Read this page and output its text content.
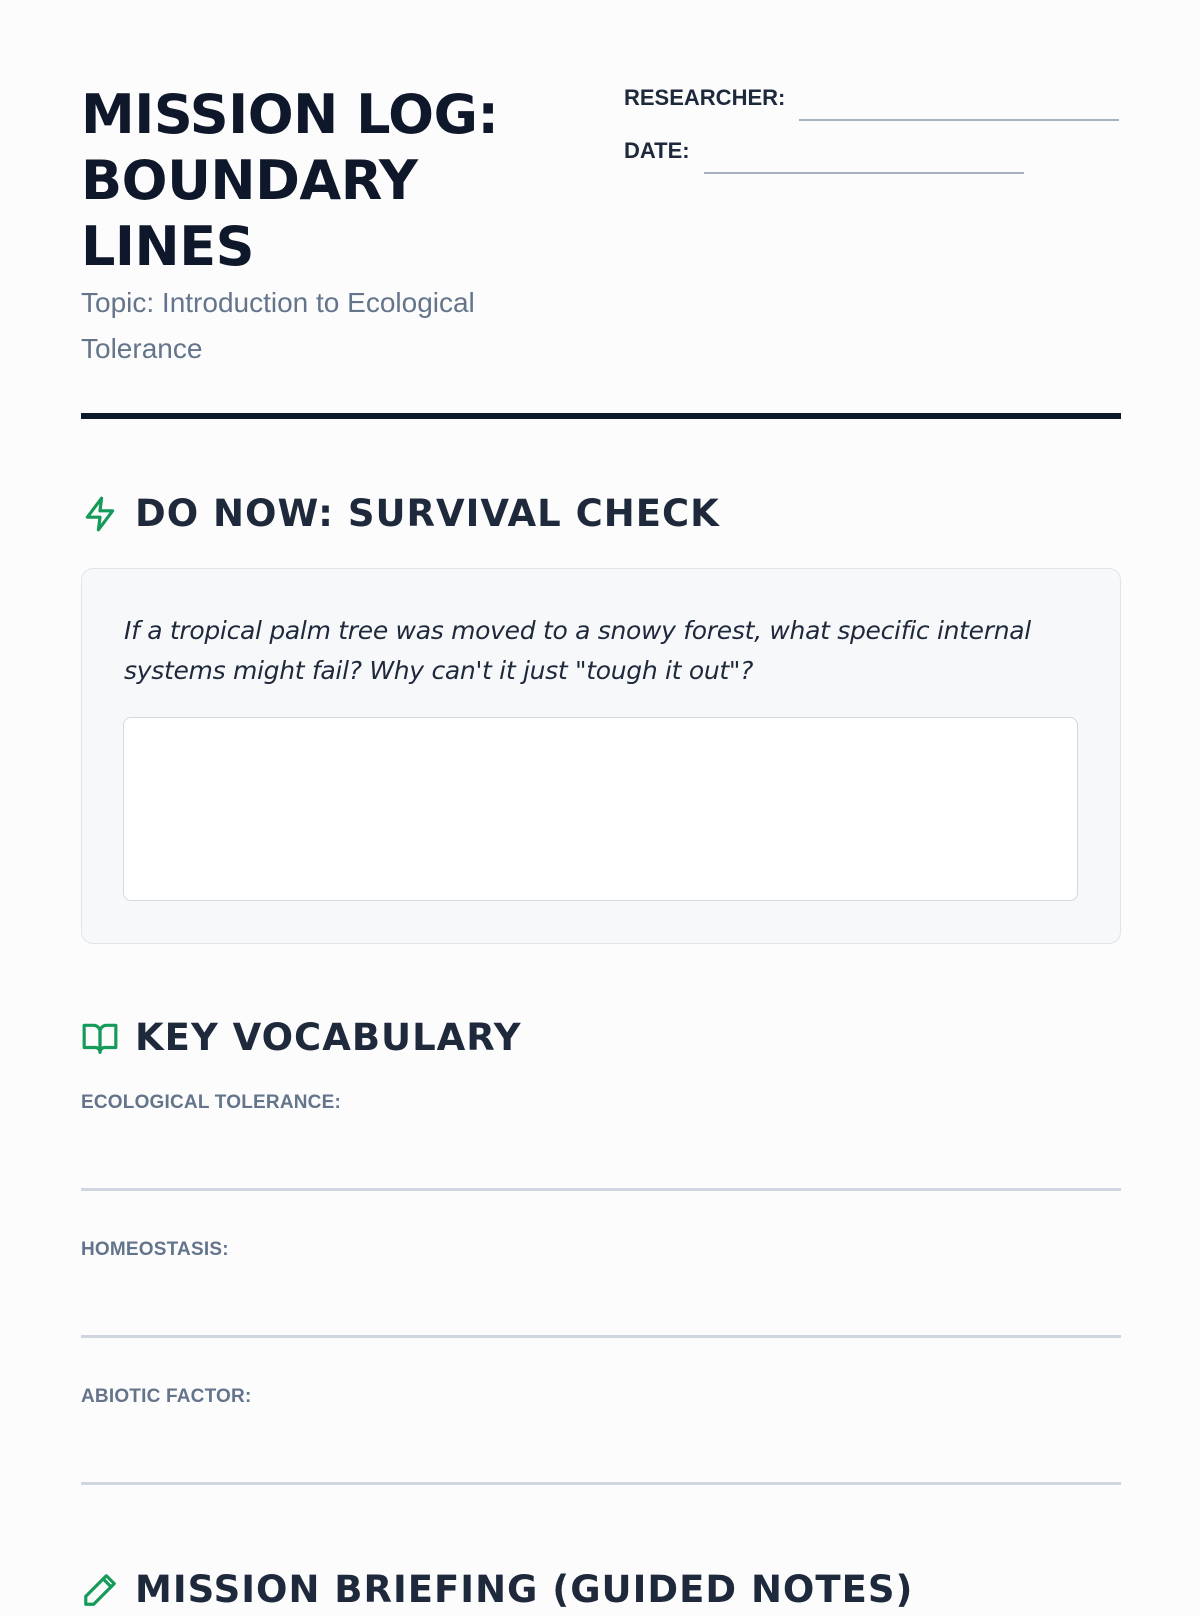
MISSION LOG:
BOUNDARY
LINES
Topic: Introduction to Ecological Tolerance
RESEARCHER:
DATE:
DO NOW: SURVIVAL CHECK
If a tropical palm tree was moved to a snowy forest, what specific internal systems might fail? Why can't it just "tough it out"?
KEY VOCABULARY
ECOLOGICAL TOLERANCE:
HOMEOSTASIS:
ABIOTIC FACTOR:
MISSION BRIEFING (GUIDED NOTES)
